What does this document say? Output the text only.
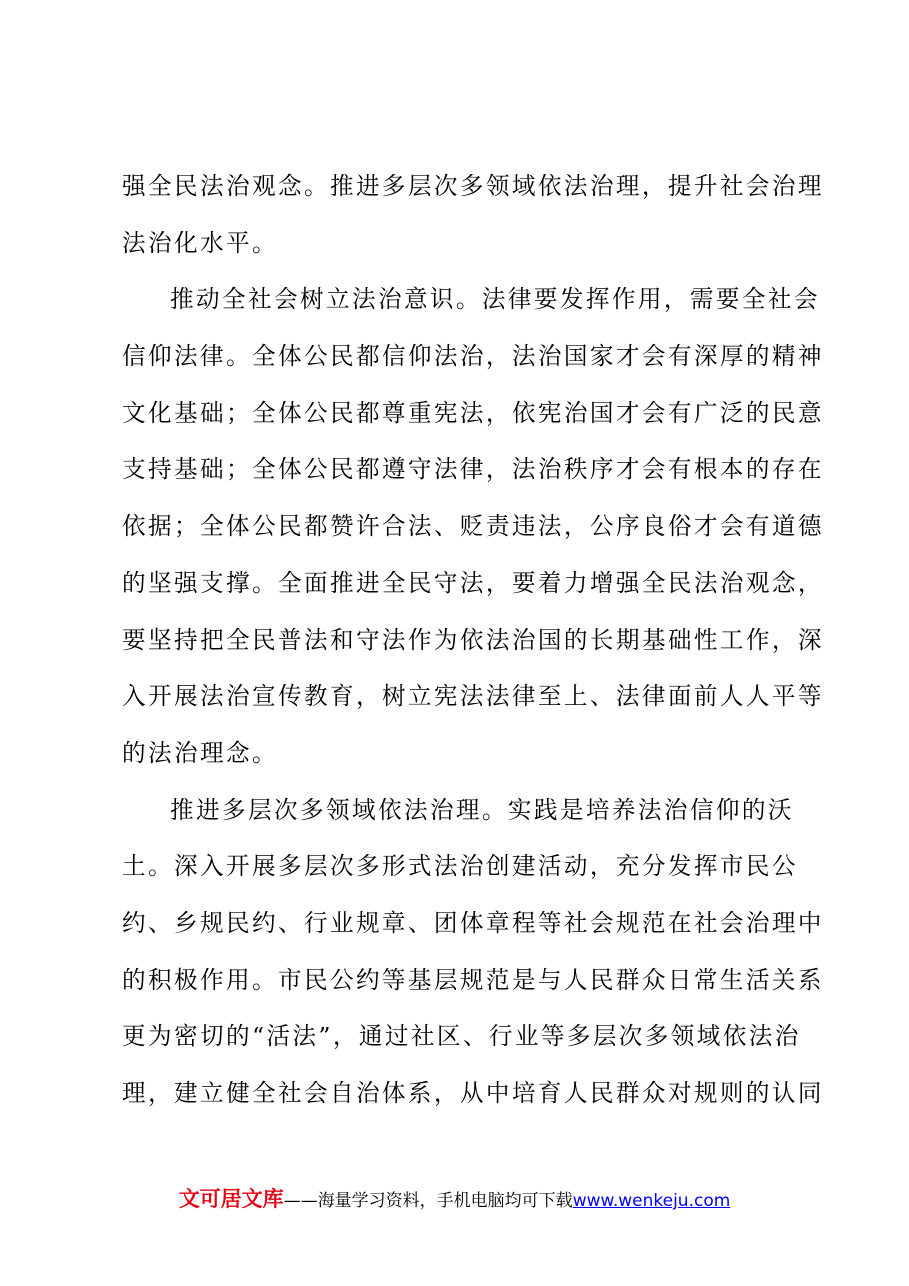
强全民法治观念。推进多层次多领域依法治理，提升社会治理
法治化水平。
推动全社会树立法治意识。法律要发挥作用，需要全社会
信仰法律。全体公民都信仰法治，法治国家才会有深厚的精神
文化基础；全体公民都尊重宪法，依宪治国才会有广泛的民意
支持基础；全体公民都遵守法律，法治秩序才会有根本的存在
依据；全体公民都赞许合法、贬责违法，公序良俗才会有道德
的坚强支撑。全面推进全民守法，要着力增强全民法治观念，
要坚持把全民普法和守法作为依法治国的长期基础性工作，深
入开展法治宣传教育，树立宪法法律至上、法律面前人人平等
的法治理念。
推进多层次多领域依法治理。实践是培养法治信仰的沃
土。深入开展多层次多形式法治创建活动，充分发挥市民公
约、乡规民约、行业规章、团体章程等社会规范在社会治理中
的积极作用。市民公约等基层规范是与人民群众日常生活关系
更为密切的“活法”，通过社区、行业等多层次多领域依法治
理，建立健全社会自治体系，从中培育人民群众对规则的认同
文可居文库——海量学习资料，手机电脑均可下载www.wenkeju.com
